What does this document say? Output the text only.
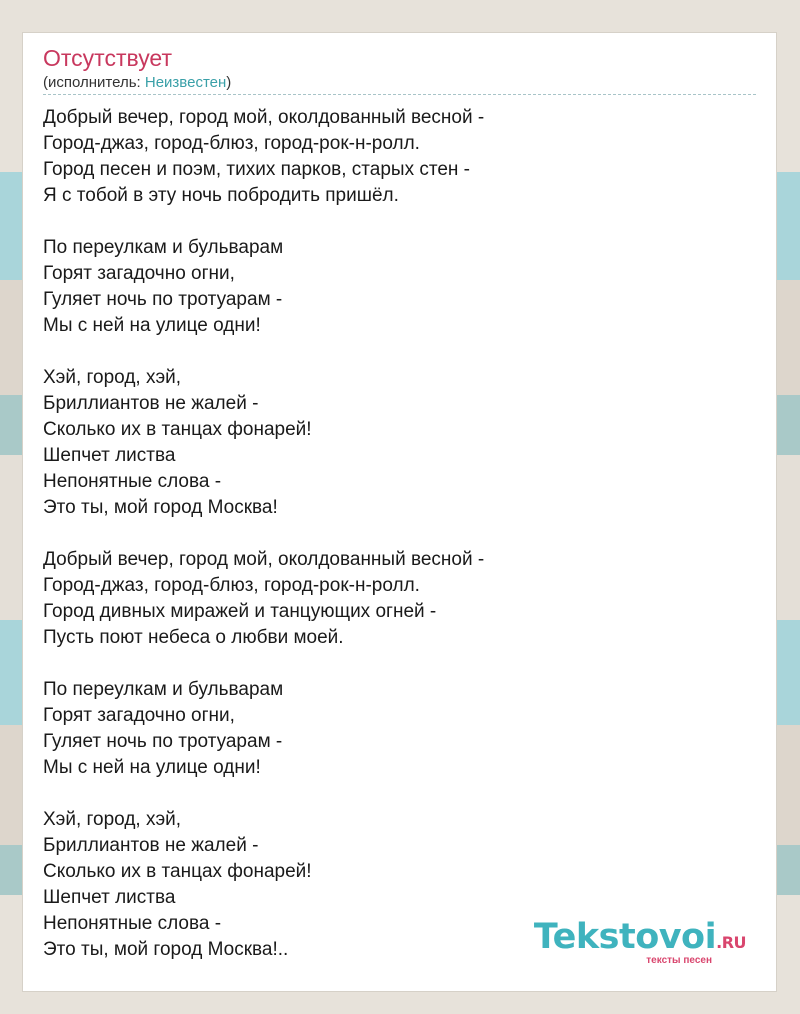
Отсутствует
(исполнитель: Неизвестен)
Добрый вечер, город мой, околдованный весной -
Город-джаз, город-блюз, город-рок-н-ролл.
Город песен и поэм, тихих парков, старых стен -
Я с тобой в эту ночь побродить пришёл.
По переулкам и бульварам
Горят загадочно огни,
Гуляет ночь по тротуарам -
Мы с ней на улице одни!
Хэй, город, хэй,
Бриллиантов не жалей -
Сколько их в танцах фонарей!
Шепчет листва
Непонятные слова -
Это ты, мой город Москва!
Добрый вечер, город мой, околдованный весной -
Город-джаз, город-блюз, город-рок-н-ролл.
Город дивных миражей и танцующих огней -
Пусть поют небеса о любви моей.
По переулкам и бульварам
Горят загадочно огни,
Гуляет ночь по тротуарам -
Мы с ней на улице одни!
Хэй, город, хэй,
Бриллиантов не жалей -
Сколько их в танцах фонарей!
Шепчет листва
Непонятные слова -
Это ты, мой город Москва!..	Tekstovoi.RU
тексты песен
